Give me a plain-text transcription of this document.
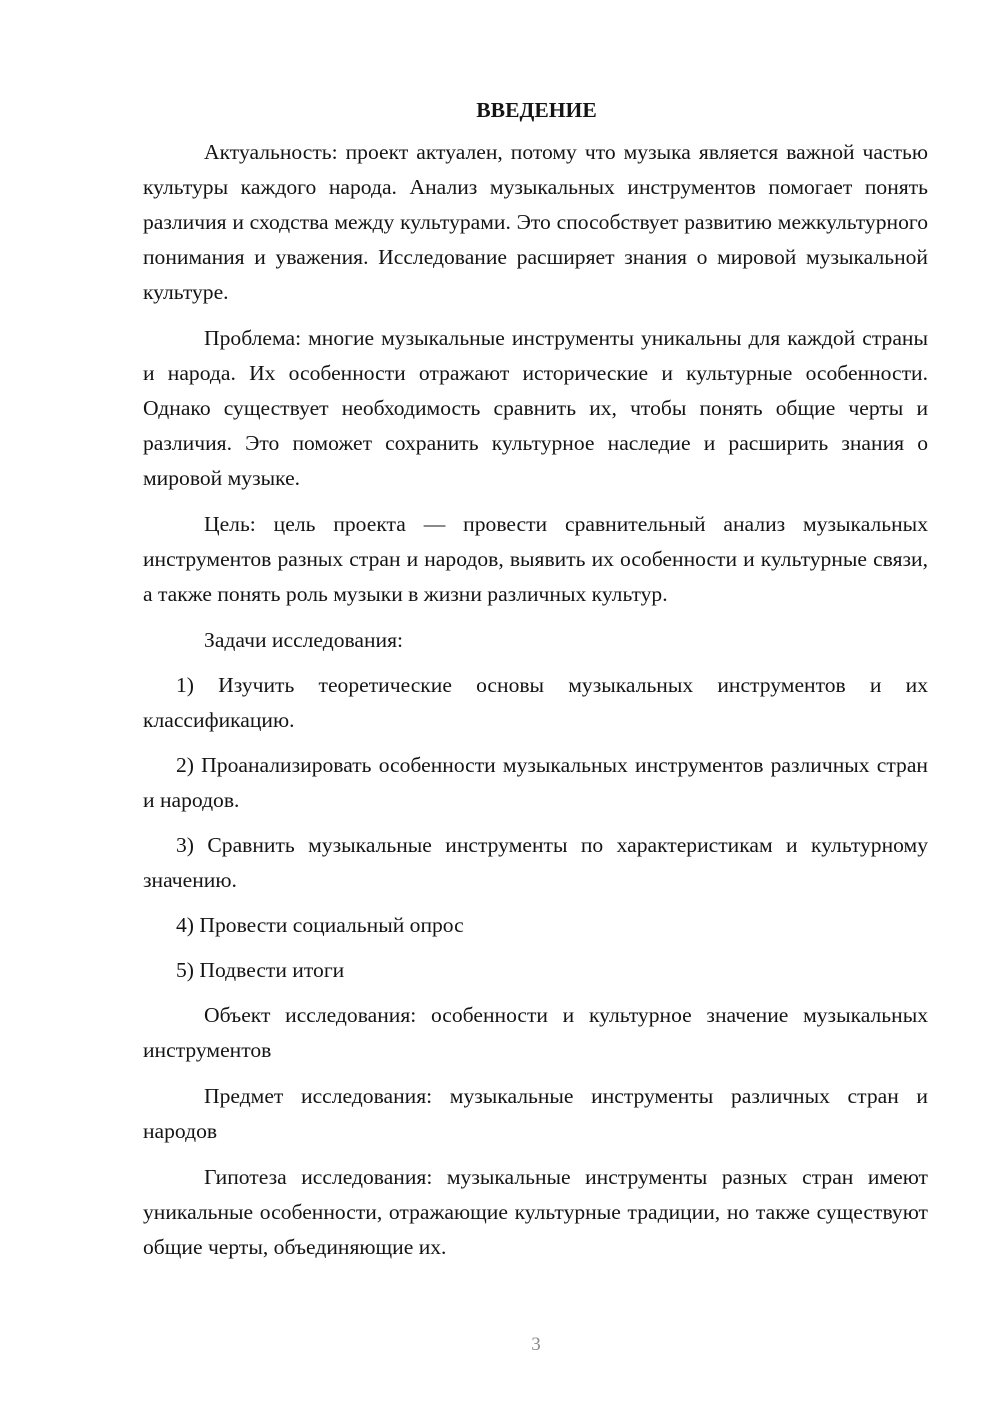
ВВЕДЕНИЕ

Актуальность: проект актуален, потому что музыка является важной частью культуры каждого народа. Анализ музыкальных инструментов помогает понять различия и сходства между культурами. Это способствует развитию межкультурного понимания и уважения. Исследование расширяет знания о мировой музыкальной культуре.

Проблема: многие музыкальные инструменты уникальны для каждой страны и народа. Их особенности отражают исторические и культурные особенности. Однако существует необходимость сравнить их, чтобы понять общие черты и различия. Это поможет сохранить культурное наследие и расширить знания о мировой музыке.

Цель: цель проекта — провести сравнительный анализ музыкальных инструментов разных стран и народов, выявить их особенности и культурные связи, а также понять роль музыки в жизни различных культур.

Задачи исследования:

1) Изучить теоретические основы музыкальных инструментов и их классификацию.

2) Проанализировать особенности музыкальных инструментов различных стран и народов.

3) Сравнить музыкальные инструменты по характеристикам и культурному значению.

4) Провести социальный опрос

5) Подвести итоги

Объект исследования: особенности и культурное значение музыкальных инструментов

Предмет исследования: музыкальные инструменты различных стран и народов

Гипотеза исследования: музыкальные инструменты разных стран имеют уникальные особенности, отражающие культурные традиции, но также существуют общие черты, объединяющие их.

3
